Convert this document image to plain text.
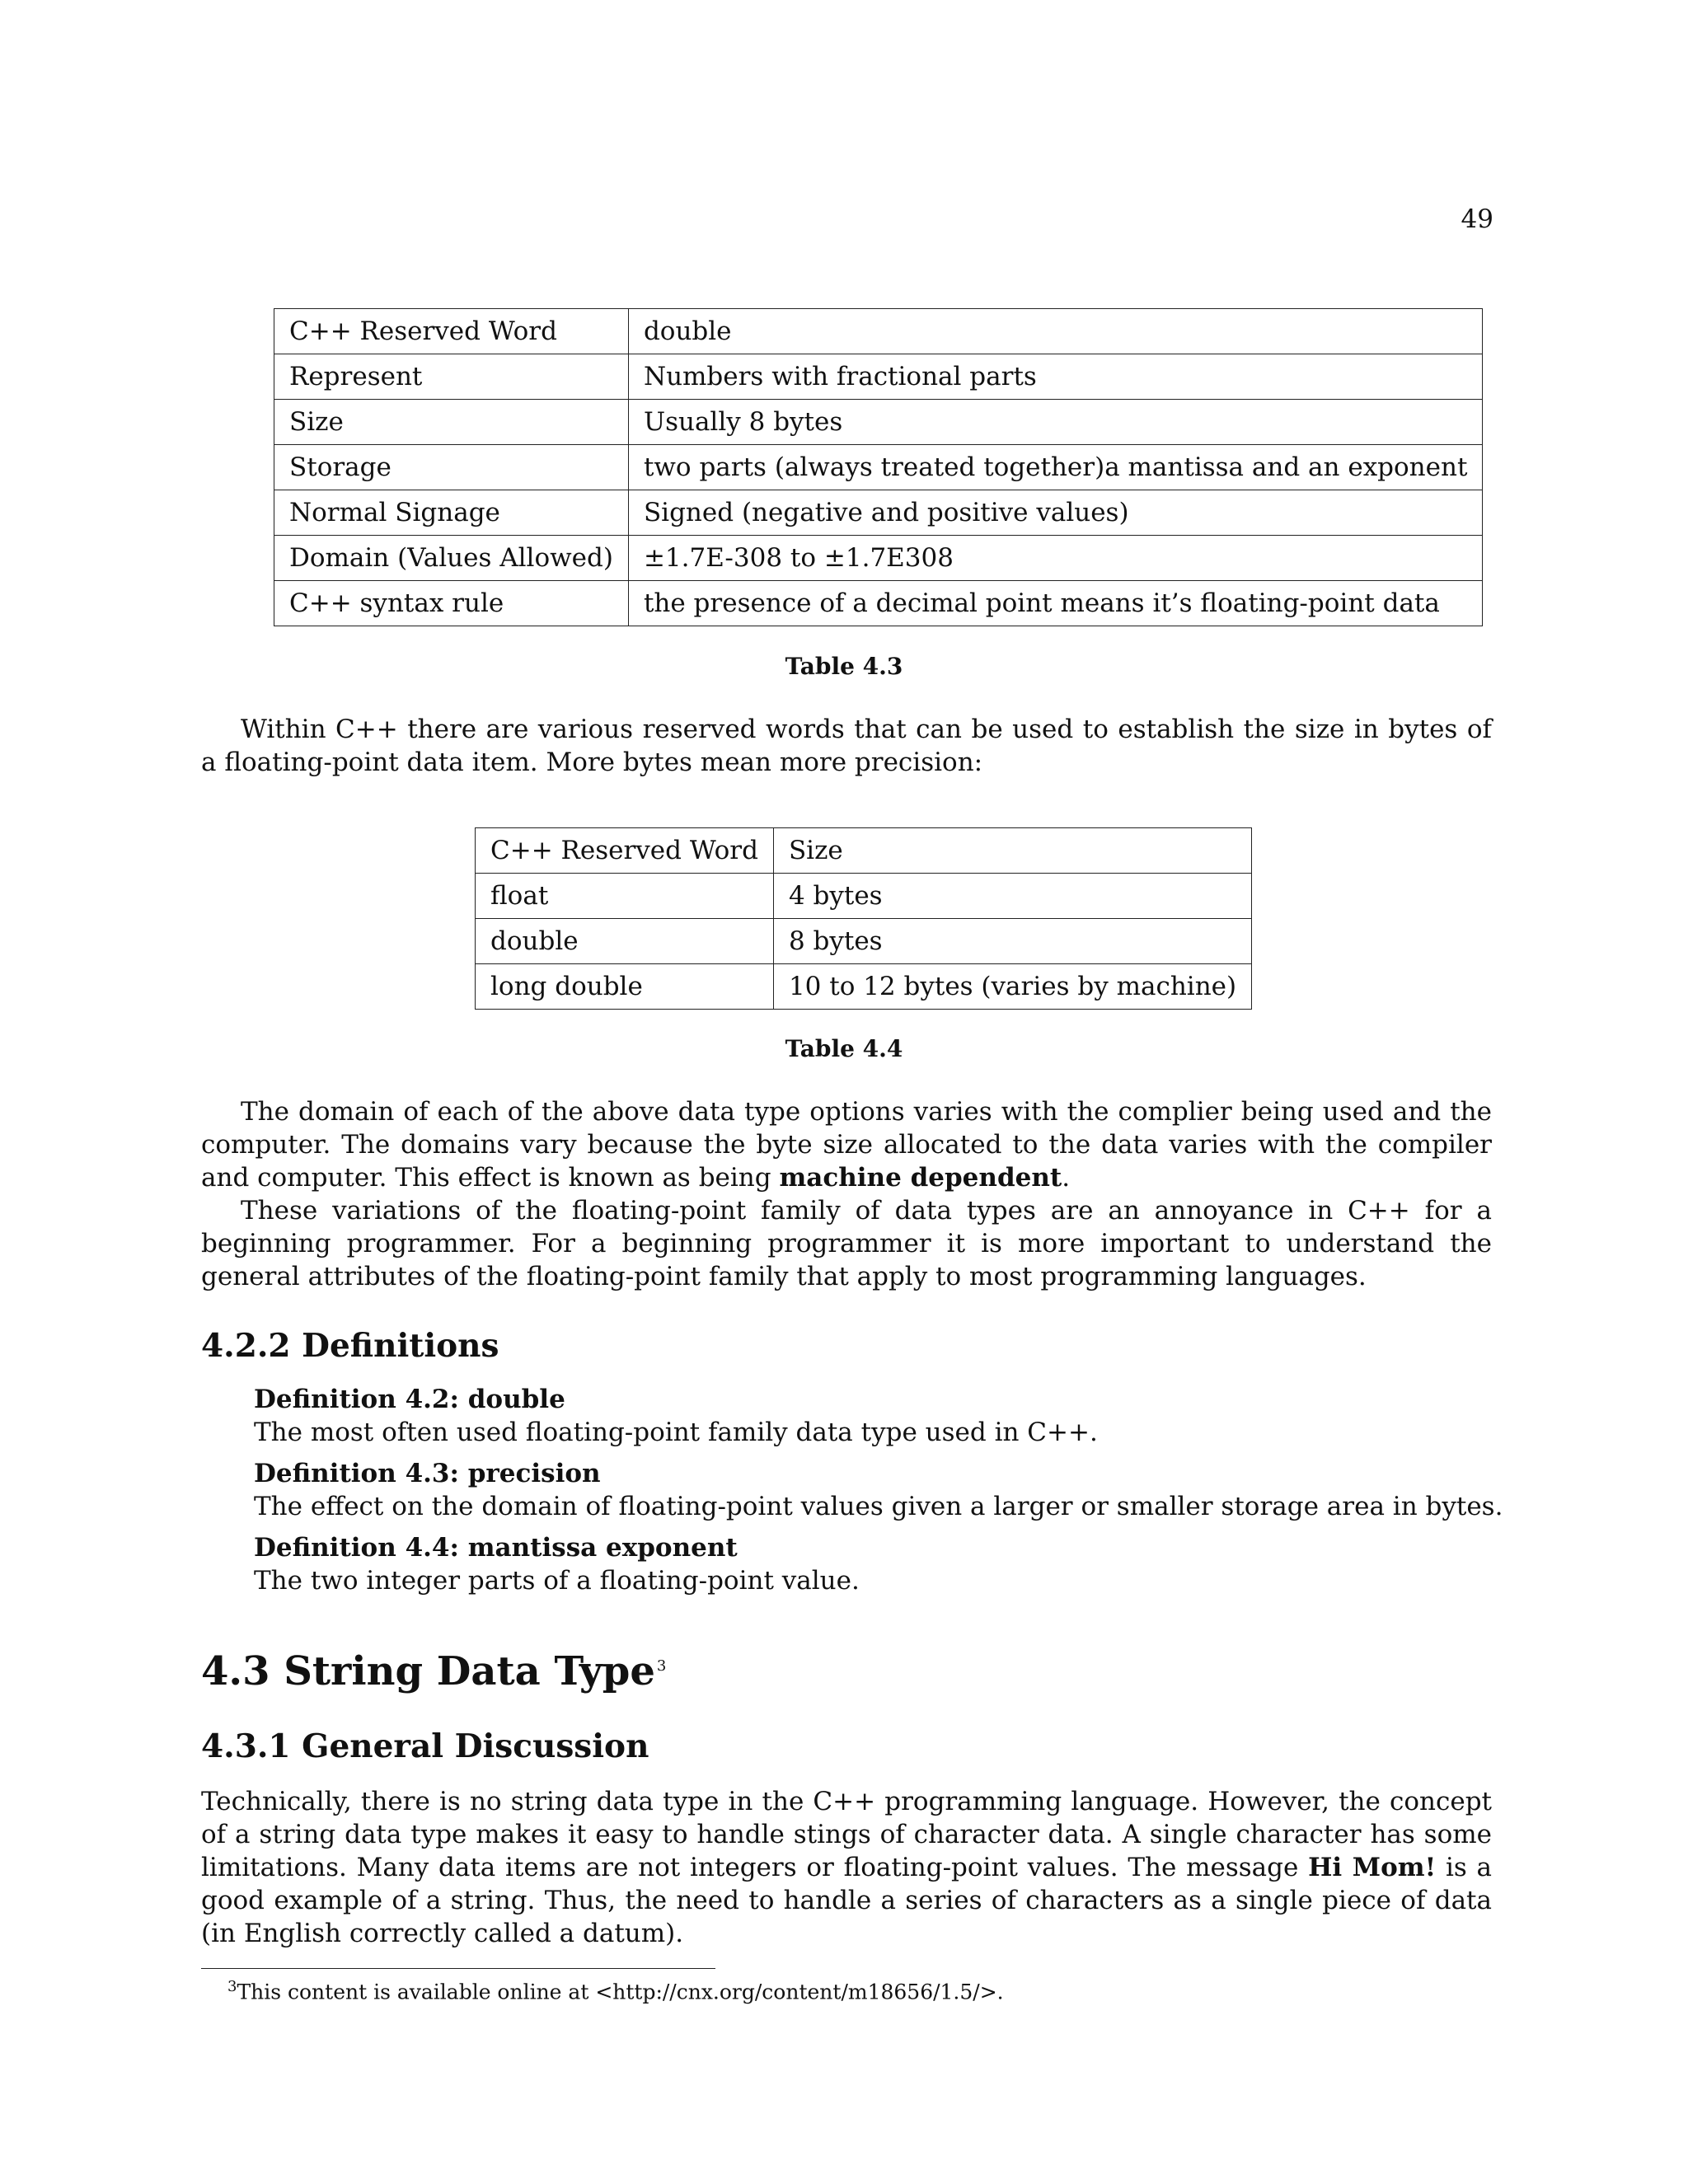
49
C++ Reserved Word	double
Represent	Numbers with fractional parts
Size	Usually 8 bytes
Storage	two parts (always treated together)a mantissa and an exponent
Normal Signage	Signed (negative and positive values)
Domain (Values Allowed)	±1.7E-308 to ±1.7E308
C++ syntax rule	the presence of a decimal point means it’s floating-point data
Table 4.3

Within C++ there are various reserved words that can be used to establish the size in bytes of a floating-point data item. More bytes mean more precision:

C++ Reserved Word	Size
float	4 bytes
double	8 bytes
long double	10 to 12 bytes (varies by machine)
Table 4.4

The domain of each of the above data type options varies with the complier being used and the computer. The domains vary because the byte size allocated to the data varies with the compiler and computer. This effect is known as being machine dependent.

These variations of the floating-point family of data types are an annoyance in C++ for a beginning programmer. For a beginning programmer it is more important to understand the general attributes of the floating-point family that apply to most programming languages.

4.2.2 Definitions
Definition 4.2: double
The most often used floating-point family data type used in C++.
Definition 4.3: precision
The effect on the domain of floating-point values given a larger or smaller storage area in bytes.
Definition 4.4: mantissa exponent
The two integer parts of a floating-point value.
4.3 String Data Type $^3$
4.3.1 General Discussion

Technically, there is no string data type in the C++ programming language. However, the concept of a string data type makes it easy to handle stings of character data. A single character has some limitations. Many data items are not integers or floating-point values. The message Hi Mom! is a good example of a string. Thus, the need to handle a series of characters as a single piece of data (in English correctly called a datum).

$^3$This content is available online at <http://cnx.org/content/m18656/1.5/>.
